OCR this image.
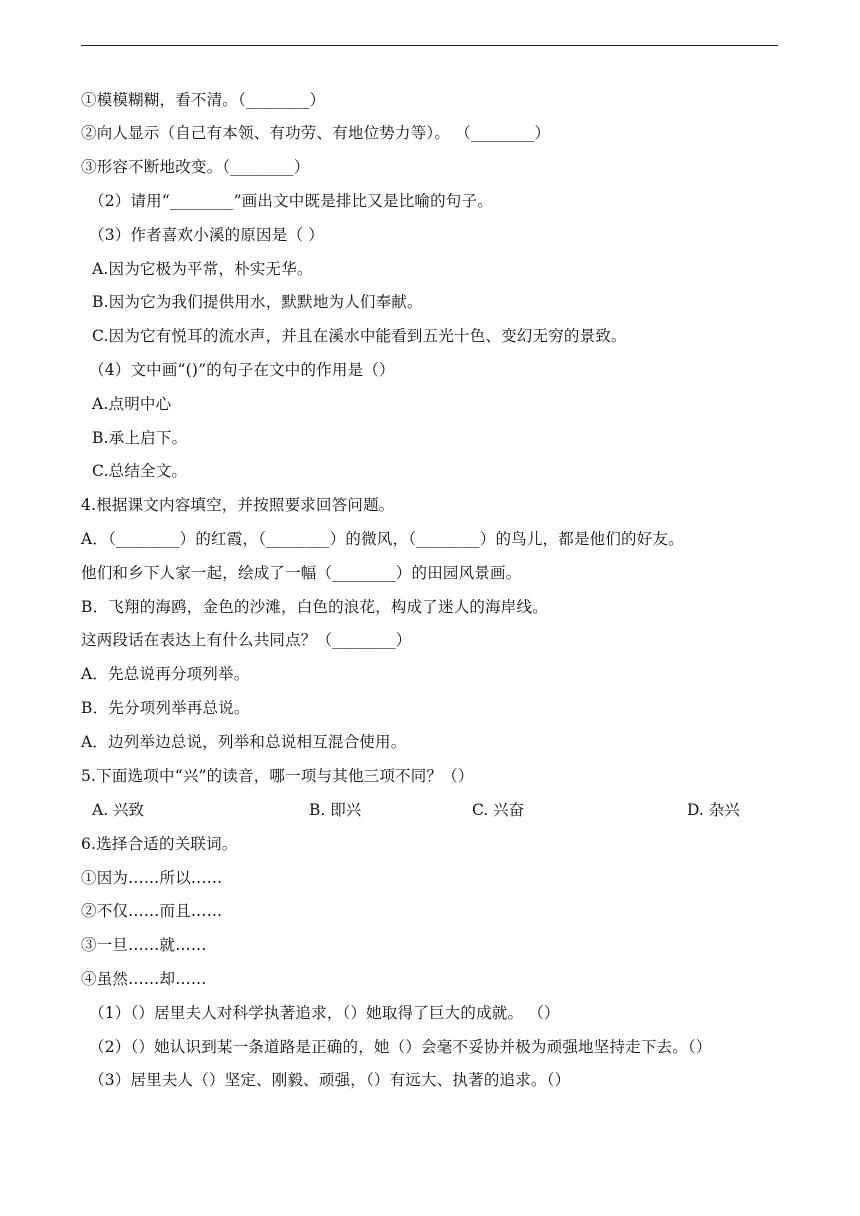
①模模糊糊，看不清。（________）
②向人显示（自己有本领、有功劳、有地位势力等）。 （________）
③形容不断地改变。（________）
（2）请用“________”画出文中既是排比又是比喻的句子。
（3）作者喜欢小溪的原因是（ ）
A.因为它极为平常，朴实无华。
B.因为它为我们提供用水，默默地为人们奉献。
C.因为它有悦耳的流水声，并且在溪水中能看到五光十色、变幻无穷的景致。
（4）文中画“()”的句子在文中的作用是（）
A.点明中心
B.承上启下。
C.总结全文。
4.根据课文内容填空，并按照要求回答问题。
A．（________）的红霞，（________）的微风，（________）的鸟儿，都是他们的好友。
他们和乡下人家一起，绘成了一幅（________）的田园风景画。
B．飞翔的海鸥，金色的沙滩，白色的浪花，构成了迷人的海岸线。
这两段话在表达上有什么共同点？（________）
A．先总说再分项列举。
B．先分项列举再总说。
A．边列举边总说，列举和总说相互混合使用。
5.下面选项中“兴”的读音，哪一项与其他三项不同？（）
A. 兴致	B. 即兴	C. 兴奋	D. 杂兴
6.选择合适的关联词。
①因为……所以……
②不仅……而且……
③一旦……就……
④虽然……却……
（1）（）居里夫人对科学执著追求，（）她取得了巨大的成就。 （）
（2）（）她认识到某一条道路是正确的，她（）会毫不妥协并极为顽强地坚持走下去。（）
（3）居里夫人（）坚定、刚毅、顽强，（）有远大、执著的追求。（）
